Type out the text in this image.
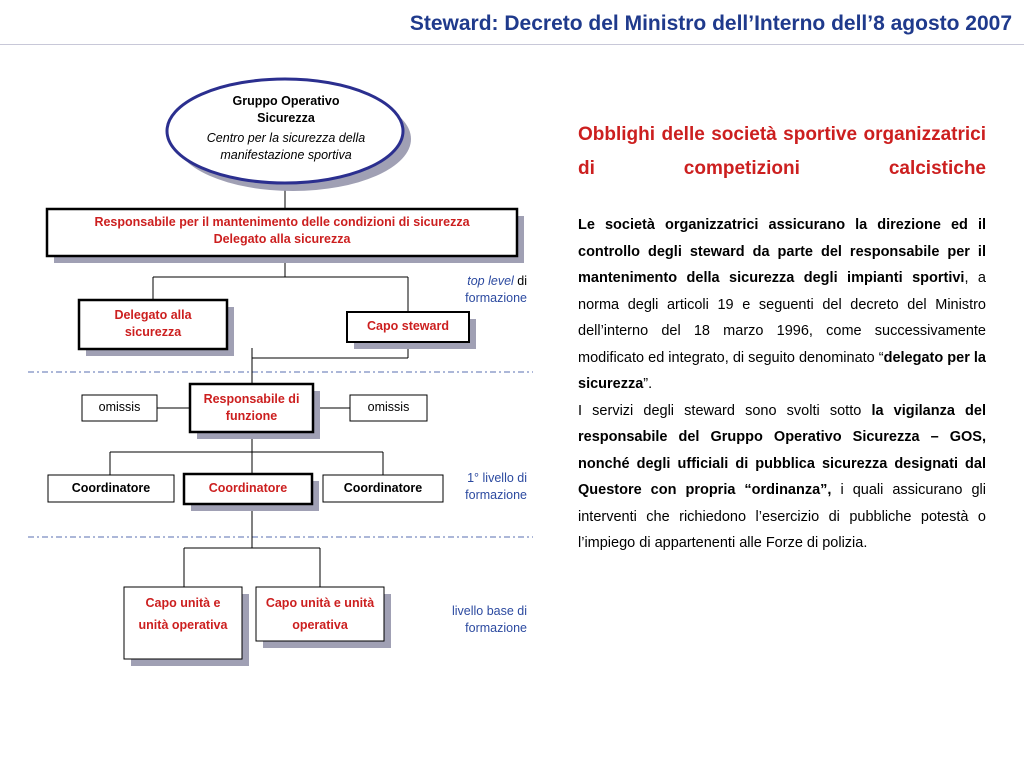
Steward: Decreto del Ministro dell’Interno dell’8 agosto 2007
Gruppo Operativo Sicurezza
Centro per la sicurezza della manifestazione sportiva
Responsabile per il mantenimento delle condizioni di sicurezza
Delegato alla sicurezza
Delegato alla sicurezza	Capo steward
Responsabile di funzione
omissis	omissis
Coordinatore	Coordinatore	Coordinatore
Capo unità e unità operativa
Capo unità e unità operativa
top level di
formazione
1° livello di
formazione
livello base di
formazione
Obblighi delle società sportive organizzatrici di competizioni calcistiche

Le società organizzatrici assicurano la direzione ed il controllo degli steward da parte del responsabile per il mantenimento della sicurezza degli impianti sportivi, a norma degli articoli 19 e seguenti del decreto del Ministro dell’interno del 18 marzo 1996, come successivamente modificato ed integrato, di seguito denominato “delegato per la sicurezza”.

I servizi degli steward sono svolti sotto la vigilanza del responsabile del Gruppo Operativo Sicurezza – GOS, nonché degli ufficiali di pubblica sicurezza designati dal Questore con propria “ordinanza”, i quali assicurano gli interventi che richiedono l’esercizio di pubbliche potestà o l’impiego di appartenenti alle Forze di polizia.
